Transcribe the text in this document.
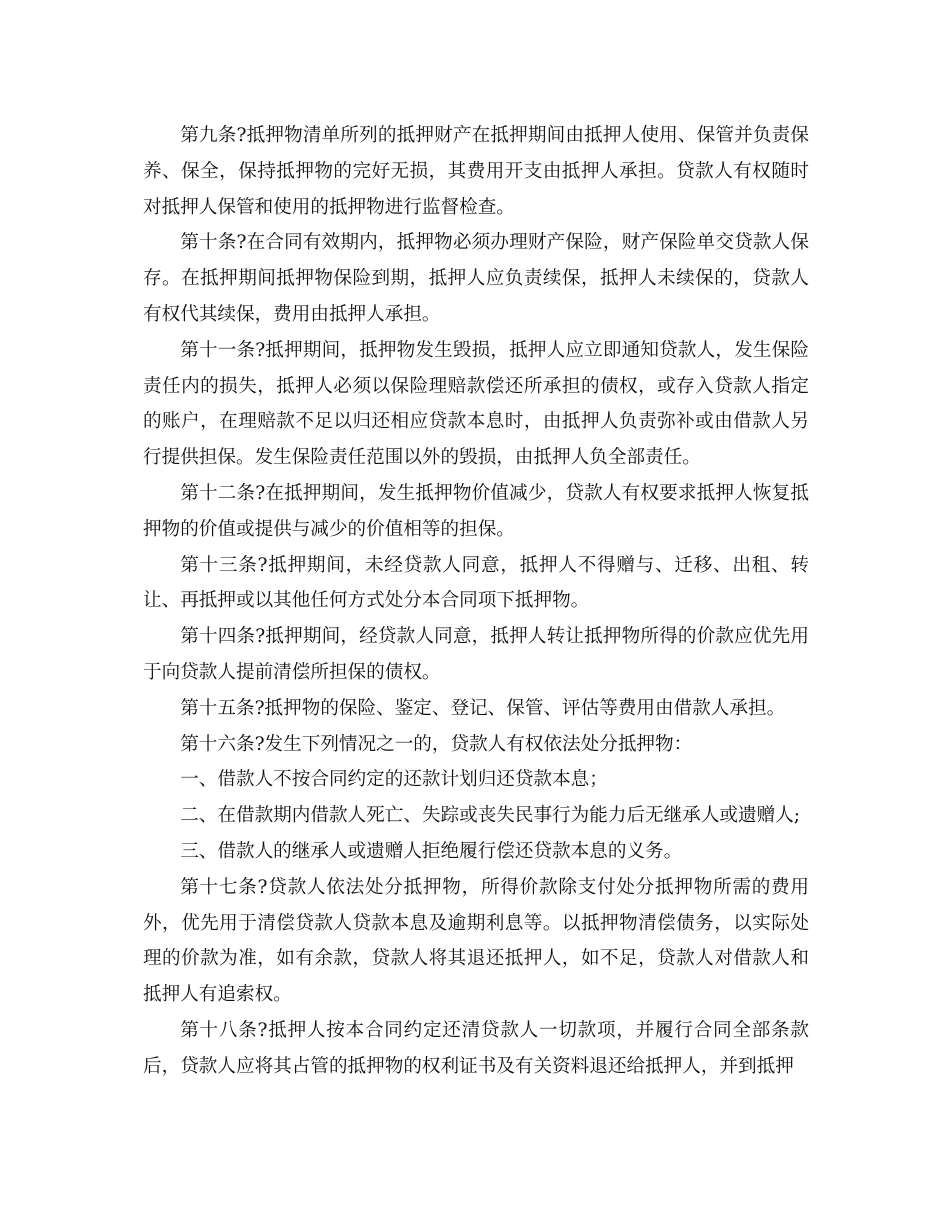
第九条?抵押物清单所列的抵押财产在抵押期间由抵押人使用、保管并负责保养、保全，保持抵押物的完好无损，其费用开支由抵押人承担。贷款人有权随时对抵押人保管和使用的抵押物进行监督检查。

第十条?在合同有效期内，抵押物必须办理财产保险，财产保险单交贷款人保存。在抵押期间抵押物保险到期，抵押人应负责续保，抵押人未续保的，贷款人有权代其续保，费用由抵押人承担。

第十一条?抵押期间，抵押物发生毁损，抵押人应立即通知贷款人，发生保险责任内的损失，抵押人必须以保险理赔款偿还所承担的债权，或存入贷款人指定的账户，在理赔款不足以归还相应贷款本息时，由抵押人负责弥补或由借款人另行提供担保。发生保险责任范围以外的毁损，由抵押人负全部责任。

第十二条?在抵押期间，发生抵押物价值减少，贷款人有权要求抵押人恢复抵押物的价值或提供与减少的价值相等的担保。

第十三条?抵押期间，未经贷款人同意，抵押人不得赠与、迁移、出租、转让、再抵押或以其他任何方式处分本合同项下抵押物。

第十四条?抵押期间，经贷款人同意，抵押人转让抵押物所得的价款应优先用于向贷款人提前清偿所担保的债权。

第十五条?抵押物的保险、鉴定、登记、保管、评估等费用由借款人承担。

第十六条?发生下列情况之一的，贷款人有权依法处分抵押物：

一、借款人不按合同约定的还款计划归还贷款本息；

二、在借款期内借款人死亡、失踪或丧失民事行为能力后无继承人或遗赠人;

三、借款人的继承人或遗赠人拒绝履行偿还贷款本息的义务。

第十七条?贷款人依法处分抵押物，所得价款除支付处分抵押物所需的费用外，优先用于清偿贷款人贷款本息及逾期利息等。以抵押物清偿债务，以实际处理的价款为准，如有余款，贷款人将其退还抵押人，如不足，贷款人对借款人和抵押人有追索权。

第十八条?抵押人按本合同约定还清贷款人一切款项，并履行合同全部条款后，贷款人应将其占管的抵押物的权利证书及有关资料退还给抵押人，并到抵押
